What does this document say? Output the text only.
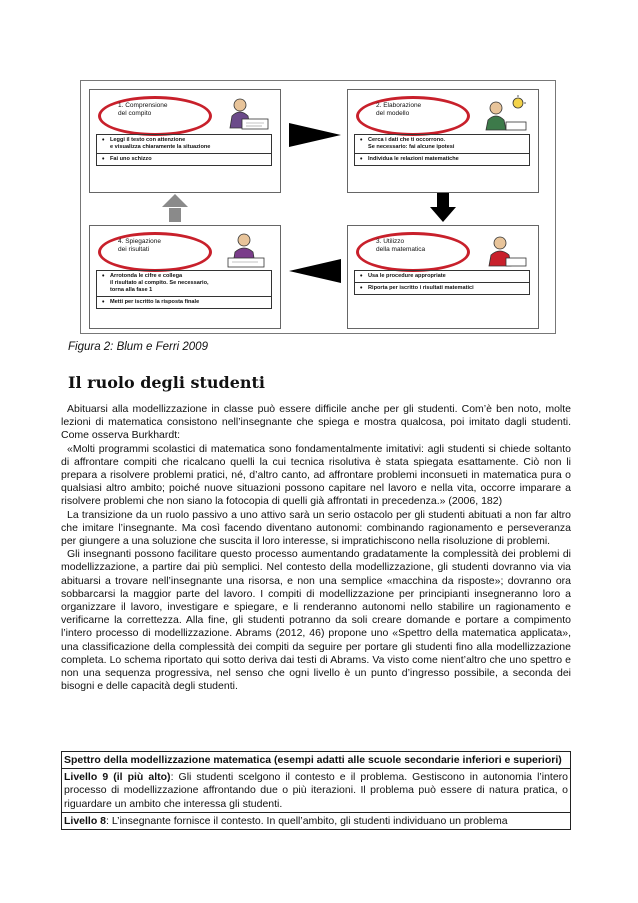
1. Comprensione
del compito
• Leggi il testo con attenzione
e visualizza chiaramente la situazione
• Fai uno schizzo
2. Elaborazione
del modello
• Cerca i dati che ti occorrono.
Se necessario: fai alcune ipotesi
• Individua le relazioni matematiche
4. Spiegazione
dei risultati
• Arrotonda le cifre e collega
il risultato al compito. Se necessario,
torna alla fase 1
• Metti per iscritto la risposta finale
3. Utilizzo
della matematica
• Usa le procedure appropriate
• Riporta per iscritto i risultati matematici
Figura 2: Blum e Ferri 2009
Il ruolo degli studenti

Abituarsi alla modellizzazione in classe può essere difficile anche per gli studenti. Com’è ben noto, molte lezioni di matematica consistono nell’insegnante che spiega e mostra qualcosa, poi imitato dagli studenti. Come osserva Burkhardt:

«Molti programmi scolastici di matematica sono fondamentalmente imitativi: agli studenti si chiede soltanto di affrontare compiti che ricalcano quelli la cui tecnica risolutiva è stata spiegata esattamente. Ciò non li prepara a risolvere problemi pratici, né, d’altro canto, ad affrontare problemi inconsueti in matematica pura o qualsiasi altro ambito; poiché nuove situazioni possono capitare nel lavoro e nella vita, occorre imparare a risolvere problemi che non siano la fotocopia di quelli già affrontati in precedenza.» (2006, 182)

La transizione da un ruolo passivo a uno attivo sarà un serio ostacolo per gli studenti abituati a non far altro che imitare l’insegnante. Ma così facendo diventano autonomi: combinando ragionamento e perseveranza per giungere a una soluzione che suscita il loro interesse, si impratichiscono nella risoluzione di problemi.

Gli insegnanti possono facilitare questo processo aumentando gradatamente la complessità dei problemi di modellizzazione, a partire dai più semplici. Nel contesto della modellizzazione, gli studenti dovranno via via abituarsi a trovare nell’insegnante una risorsa, e non una semplice «macchina da risposte»; dovranno ora sobbarcarsi la maggior parte del lavoro. I compiti di modellizzazione per principianti insegneranno loro a organizzare il lavoro, investigare e spiegare, e li renderanno autonomi nello stabilire un ragionamento e verificarne la correttezza. Alla fine, gli studenti potranno da soli creare domande e portare a compimento l’intero processo di modellizzazione. Abrams (2012, 46) propone uno «Spettro della matematica applicata», una classificazione della complessità dei compiti da seguire per portare gli studenti fino alla modellizzazione completa. Lo schema riportato qui sotto deriva dai testi di Abrams. Va visto come nient’altro che uno spettro e non una sequenza progressiva, nel senso che ogni livello è un punto d’ingresso possibile, a seconda dei bisogni e delle capacità degli studenti.

Spettro della modellizzazione matematica (esempi adatti alle scuole secondarie inferiori e superiori)
Livello 9 (il più alto): Gli studenti scelgono il contesto e il problema. Gestiscono in autonomia l’intero processo di modellizzazione affrontando due o più iterazioni. Il problema può essere di natura pratica, o riguardare un ambito che interessa gli studenti.
Livello 8: L’insegnante fornisce il contesto. In quell’ambito, gli studenti individuano un problema
